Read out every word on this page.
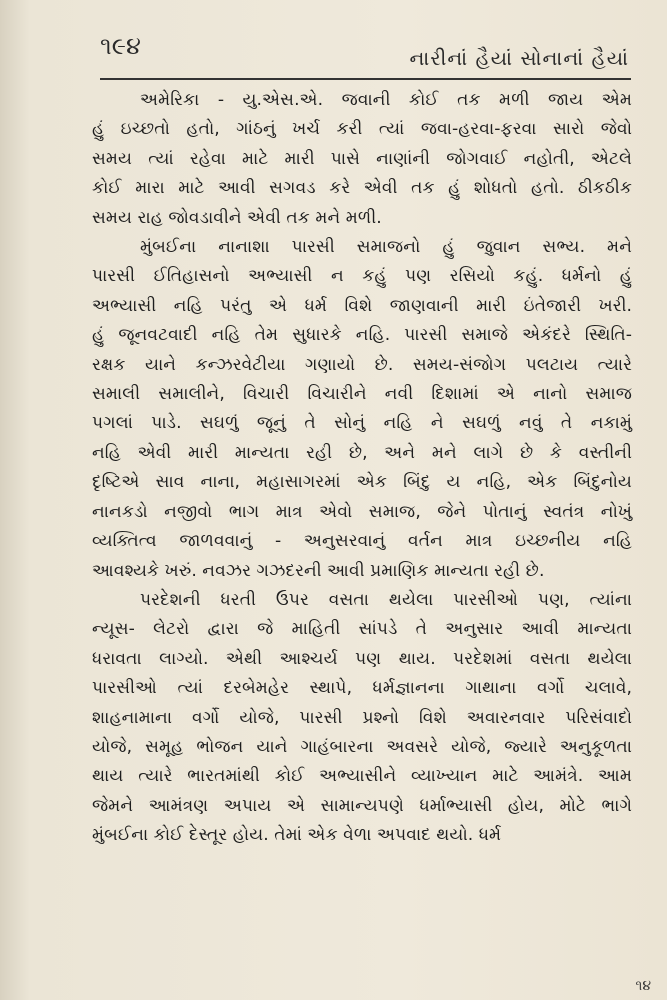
૧૯૪	નારીનાં હૈયાં સોનાનાં હૈયાં
અમેરિકા - યુ.એસ.એ. જવાની કોઈ તક મળી જાય એમ
હું ઇચ્છતો હતો, ગાંઠનું ખર્ચ કરી ત્યાં જવા-હરવા-ફરવા સારો જેવો
સમય ત્યાં રહેવા માટે મારી પાસે નાણાંની જોગવાઈ નહોતી, એટલે
કોઈ મારા માટે આવી સગવડ કરે એવી તક હું શોધતો હતો. ઠીકઠીક
સમય રાહ જોવડાવીને એવી તક મને મળી.
મુંબઈના નાનાશા પારસી સમાજનો હું જુવાન સભ્ય. મને
પારસી ઈતિહાસનો અભ્યાસી ન કહું પણ રસિયો કહું. ધર્મનો હું
અભ્યાસી નહિ પરંતુ એ ધર્મ વિશે જાણવાની મારી ઇંતેજારી ખરી.
હું જૂનવટવાદી નહિ તેમ સુધારકે નહિ. પારસી સમાજે એકંદરે સ્થિતિ-
રક્ષક યાને કન્ઝરવેટીયા ગણાયો છે. સમય-સંજોગ પલટાય ત્યારે
સમાલી સમાલીને, વિચારી વિચારીને નવી દિશામાં એ નાનો સમાજ
પગલાં પાડે. સઘળું જૂનું તે સોનું નહિ ને સઘળું નવું તે નકામું
નહિ એવી મારી માન્યતા રહી છે, અને મને લાગે છે કે વસ્તીની
દૃષ્ટિએ સાવ નાના, મહાસાગરમાં એક બિંદુ ય નહિ, એક બિંદુનોય
નાનકડો નજીવો ભાગ માત્ર એવો સમાજ, જેને પોતાનું સ્વતંત્ર નોખું
વ્યક્તિત્વ જાળવવાનું - અનુસરવાનું વર્તન માત્ર ઇચ્છનીય નહિ
આવશ્યકે ખરું. નવઝર ગઝદરની આવી પ્રમાણિક માન્યતા રહી છે.
પરદેશની ધરતી ઉપર વસતા થયેલા પારસીઓ પણ, ત્યાંના
ન્યૂસ- લેટરો દ્વારા જે માહિતી સાંપડે તે અનુસાર આવી માન્યતા
ધરાવતા લાગ્યો. એથી આશ્ચર્ય પણ થાય. પરદેશમાં વસતા થયેલા
પારસીઓ ત્યાં દરબેમહેર સ્થાપે, ધર્મજ્ઞાનના ગાથાના વર્ગો ચલાવે,
શાહનામાના વર્ગો યોજે, પારસી પ્રશ્નો વિશે અવારનવાર પરિસંવાદો
યોજે, સમૂહ ભોજન યાને ગાહંબારના અવસરે યોજે, જ્યારે અનુકૂળતા
થાય ત્યારે ભારતમાંથી કોઈ અભ્યાસીને વ્યાખ્યાન માટે આમંત્રે. આમ
જેમને આમંત્રણ અપાય એ સામાન્યપણે ધર્માભ્યાસી હોય, મોટે ભાગે
મુંબઈના કોઈ દેસ્તૂર હોય. તેમાં એક વેળા અપવાદ થયો. ધર્મ
૧૪
